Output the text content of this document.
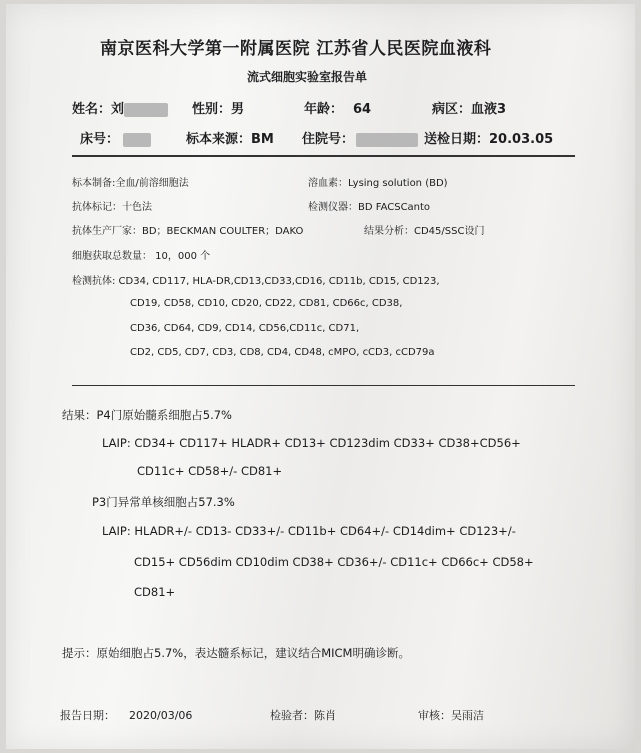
南京医科大学第一附属医院 江苏省人民医院血液科
流式细胞实验室报告单
姓名：刘	性别：男	年龄： 64	病区：血液3
床号：	标本来源：BM 住院号：	送检日期：20.03.05
标本制备:全血/前溶细胞法	溶血素：Lysing solution (BD)
抗体标记：十色法	检测仪器：BD FACSCanto
抗体生产厂家：BD；BECKMAN COULTER；DAKO	结果分析：CD45/SSC设门
细胞获取总数量： 10，000 个
检测抗体: CD34, CD117, HLA-DR,CD13,CD33,CD16, CD11b, CD15, CD123,
CD19, CD58, CD10, CD20, CD22, CD81, CD66c, CD38,
CD36, CD64, CD9, CD14, CD56,CD11c, CD71,
CD2, CD5, CD7, CD3, CD8, CD4, CD48, cMPO, cCD3, cCD79a
结果：P4门原始髓系细胞占5.7%
LAIP: CD34+ CD117+ HLADR+ CD13+ CD123dim CD33+ CD38+CD56+
CD11c+ CD58+/- CD81+
P3门异常单核细胞占57.3%
LAIP: HLADR+/- CD13- CD33+/- CD11b+ CD64+/- CD14dim+ CD123+/-
CD15+ CD56dim CD10dim CD38+ CD36+/- CD11c+ CD66c+ CD58+
CD81+
提示：原始细胞占5.7%，表达髓系标记，建议结合MICM明确诊断。
报告日期： 2020/03/06	检验者：陈肖	审核：吴雨洁
